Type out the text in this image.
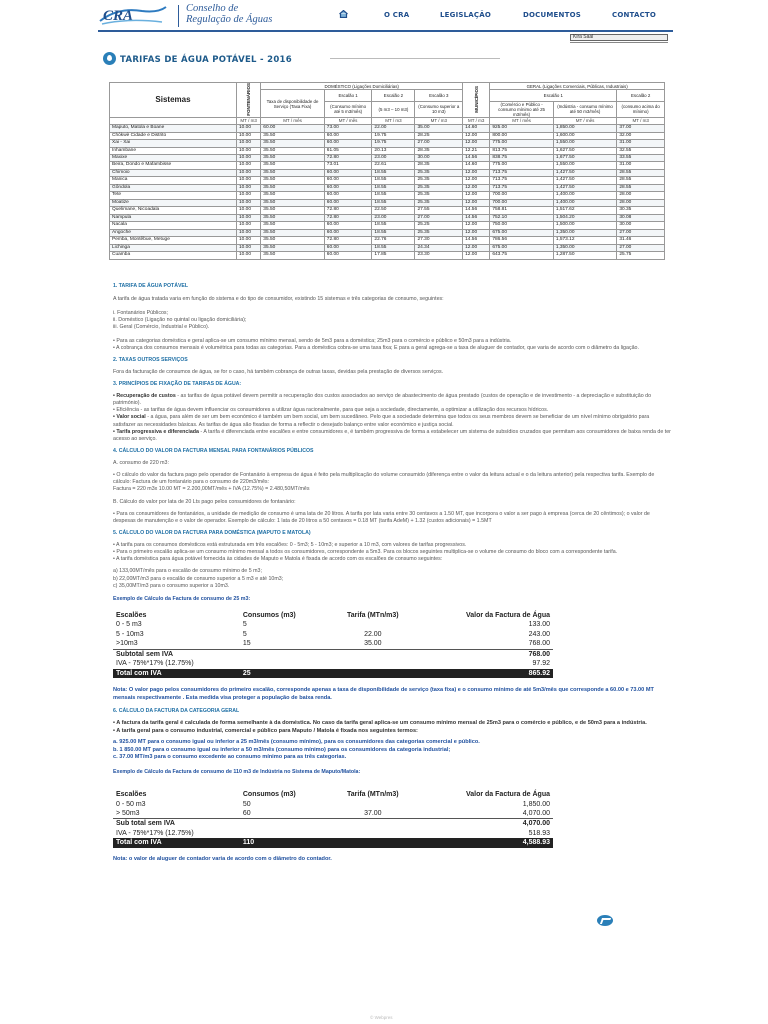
CRA	Conselho de
Regulação de Águas	O CRA	LEGISLAÇÃO	DOCUMENTOS	CONTACTO
Kira Saal
TARIFAS DE ÁGUA POTÁVEL - 2016
Sistemas	FONTENÁRIOS	DOMÉSTICO (Ligações Domiciliárias)				MUNICÍPIOS	GERAL (Ligações Comerciais, Públicas, Industriais)		
		Taxa de disponibilidade de Serviço (Taxa Fixa)	Escalão 1	Escalão 2	Escalão 3		Escalão 1		Escalão 2
			(Consumo mínimo até 5 m3/mês)	(5 m3 – 10 m3)	(Consumo superior a 10 m3)		(Comércio e Público - consumo mínimo até 25 m3/mês)	(Indústria - consumo mínimo até 50 m3/mês)	(consumo acima do mínimo)
	MT / m3	MT / mês	MT / mês	MT / m3	MT / m3	MT / m3	MT / mês	MT / mês	MT / m3
Maputo, Matola e Boane	10.00	60.00	73.00	22.00	35.00	14.60	925.00	1,850.00	37.00
Chókwè Cidade e Distrito	10.00	35.50	60.00	19.75	28.25	12.00	800.00	1,600.00	32.00
Xai - Xai	10.00	35.50	60.00	19.75	27.00	12.00	775.00	1,550.00	31.00
Inhambane	10.00	35.50	61.05	20.13	28.35	12.21	813.75	1,627.50	32.55
Maxixe	10.00	35.50	72.80	23.00	30.00	14.56	838.75	1,677.50	33.55
Beira, Dondo e Mafambisse	10.00	35.50	73.01	22.61	28.35	14.60	775.00	1,550.00	31.00
Chimoio	10.00	35.50	60.00	18.55	25.35	12.00	713.75	1,427.50	28.55
Manica	10.00	35.50	60.00	18.55	25.35	12.00	713.75	1,427.50	28.55
Gôndola	10.00	35.50	60.00	18.55	25.35	12.00	713.75	1,427.50	28.55
Tete	10.00	35.50	60.00	18.55	25.35	12.00	700.00	1,400.00	28.00
Moatize	10.00	35.50	60.00	18.55	25.35	12.00	700.00	1,400.00	28.00
Quelimane, Nicoadala	10.00	35.50	72.80	22.50	27.55	14.56	758.81	1,517.62	30.35
Nampula	10.00	35.50	72.80	23.00	27.00	14.56	752.10	1,504.20	30.08
Nacala	10.00	35.50	60.00	18.55	25.25	12.00	750.00	1,500.00	30.00
Angoche	10.00	35.50	60.00	18.55	25.35	12.00	675.00	1,350.00	27.00
Pemba, Montêbue, Metuge	10.00	35.50	72.80	22.76	27.30	14.56	786.56	1,573.12	31.46
Lichinga	10.00	35.50	60.00	18.55	24.34	12.00	675.00	1,350.00	27.00
Cuamba	10.00	35.50	60.00	17.85	23.30	12.00	643.75	1,287.50	25.75

1. TARIFA DE ÁGUA POTÁVEL

A tarifa de água tratada varia em função do sistema e do tipo de consumidor, existindo 15 sistemas e três categorias de consumo, seguintes:

i. Fontanários Públicos;

ii. Doméstico (Ligação no quintal ou ligação domiciliária);

iii. Geral (Comércio, Industrial e Público).

• Para as categorias doméstica e geral aplica-se um consumo mínimo mensal, sendo de 5m3 para a doméstica; 25m3 para o comércio e público e 50m3 para a indústria.

• A cobrança dos consumos mensais é volumétrica para todas as categorias. Para a doméstica cobra-se uma taxa fixa; E para a geral agrega-se a taxa de aluguer de contador, que varia de acordo com o diâmetro da ligação.

2. TAXAS OUTROS SERVIÇOS

Fora da facturação de consumos de água, se for o caso, há também cobrança de outras taxas, devidas pela prestação de diversos serviços.

3. PRINCÍPIOS DE FIXAÇÃO DE TARIFAS DE ÁGUA:

• Recuperação de custos - as tarifas de água potável devem permitir a recuperação dos custos associados ao serviço de abastecimento de água prestado (custos de operação e de investimento - a depreciação e substituição do património).

• Eficiência - as tarifas de água devem influenciar os consumidores a utilizar água racionalmente, para que seja a sociedade, directamente, a optimizar a utilização dos recursos hídricos.

• Valor social - a água, para além de ser um bem económico é também um bem social, um bem sucedâneo. Pelo que a sociedade determina que todos os seus membros devem se beneficiar de um nível mínimo obrigatório para satisfazer as necessidades básicas. As tarifas de água são fixadas de forma a reflectir o desejado balanço entre valor económico e justiça social.

• Tarifa progressiva e diferenciada - A tarifa é diferenciada entre escalões e entre consumidores e, é também progressiva de forma a estabelecer um sistema de subsídios cruzados que permitam aos consumidores de baixa renda de ter acesso ao serviço.

4. CÁLCULO DO VALOR DA FACTURA MENSAL PARA FONTANÁRIOS PÚBLICOS

A. consumo de 220 m3:

• O cálculo do valor da factura pago pelo operador de Fontanário à empresa de água é feito pela multiplicação do volume consumido (diferença entre o valor da leitura actual e o da leitura anterior) pela respectiva tarifa. Exemplo de cálculo: Factura de um fontanário para o consumo de 220m3/mês:

Factura = 220 m3x 10.00 MT = 2.200,00MT/mês + IVA (12.75%) = 2.480,50MT/mês

B. Cálculo do valor por lata de 20 Lts pago pelos consumidores de fontanário:

• Para os consumidores de fontanários, a unidade de medição de consumo é uma lata de 20 litros. A tarifa por lata varia entre 30 centavos a 1.50 MT, que incorpora o valor a ser pago à empresa (cerca de 20 cêntimos); o valor de despesas de manutenção e o valor de operador. Exemplo de cálculo: 1 lata de 20 litros a 50 centavos = 0.18 MT (tarifa AdeM) + 1.32 (custos adicionais) = 1.5MT

5. CÁLCULO DO VALOR DA FACTURA PARA DOMÉSTICA (MAPUTO E MATOLA)

• A tarifa para os consumos domésticos está estruturada em três escalões: 0 - 5m3; 5 - 10m3; e superior a 10 m3, com valores de tarifas progressivos.

• Para o primeiro escalão aplica-se um consumo mínimo mensal a todos os consumidores, correspondente a 5m3. Para os blocos seguintes multiplica-se o volume de consumo do bloco com a correspondente tarifa.

• A tarifa doméstica para água potável fornecida às cidades de Maputo e Matola é fixada de acordo com os escalões de consumo seguintes:

a) 133,00MT/mês para o escalão de consumo mínimo de 5 m3;

b) 22,00MT/m3 para o escalão de consumo superior a 5 m3 e até 10m3;

c) 35,00MT/m3 para o consumo superior a 10m3.

Exemplo de Cálculo da Factura de consumo de 25 m3:

Escalões	Consumos (m3)	Tarifa (MTn/m3)	Valor da Factura de Água
0 - 5 m3	5		133.00
5 - 10m3	5	22.00	243.00
>10m3	15	35.00	768.00
Subtotal sem IVA			768.00
IVA - 75%*17% (12.75%)			97.92
Total com IVA	25		865.92

Nota: O valor pago pelos consumidores do primeiro escalão, corresponde apenas a taxa de disponibilidade de serviço (taxa fixa) e o consumo mínimo de até 5m3/mês que corresponde a 60.00 e 73.00 MT mensais respectivamente . Esta medida visa proteger a população de baixa renda.

6. CÁLCULO DA FACTURA DA CATEGORIA GERAL

• A factura da tarifa geral é calculada de forma semelhante à da doméstica. No caso da tarifa geral aplica-se um consumo mínimo mensal de 25m3 para o comércio e público, e de 50m3 para a indústria.

• A tarifa geral para o consumo industrial, comercial e público para Maputo / Matola é fixada nos seguintes termos:

a. 925.00 MT para o consumo igual ou inferior a 25 m3/mês (consumo mínimo), para os consumidores das categorias comercial e público.

b. 1 850.00 MT para o consumo igual ou inferior a 50 m3/mês (consumo mínimo) para os consumidores da categoria industrial;

c. 37.00 MT/m3 para o consumo excedente ao consumo mínimo para as três categorias.

Exemplo de Cálculo da Factura de consumo de 110 m3 de Indústria no Sistema de Maputo/Matola:

Escalões	Consumos (m3)	Tarifa (MTn/m3)	Valor da Factura de Água
0 - 50 m3	50		1,850.00
> 50m3	60	37.00	4,070.00
Sub total sem IVA			4,070.00
IVA - 75%*17% (12.75%)			518.93
Total com IVA	110		4,588.93

Nota: o valor de aluguer de contador varia de acordo com o diâmetro do contador.

© Webpres
